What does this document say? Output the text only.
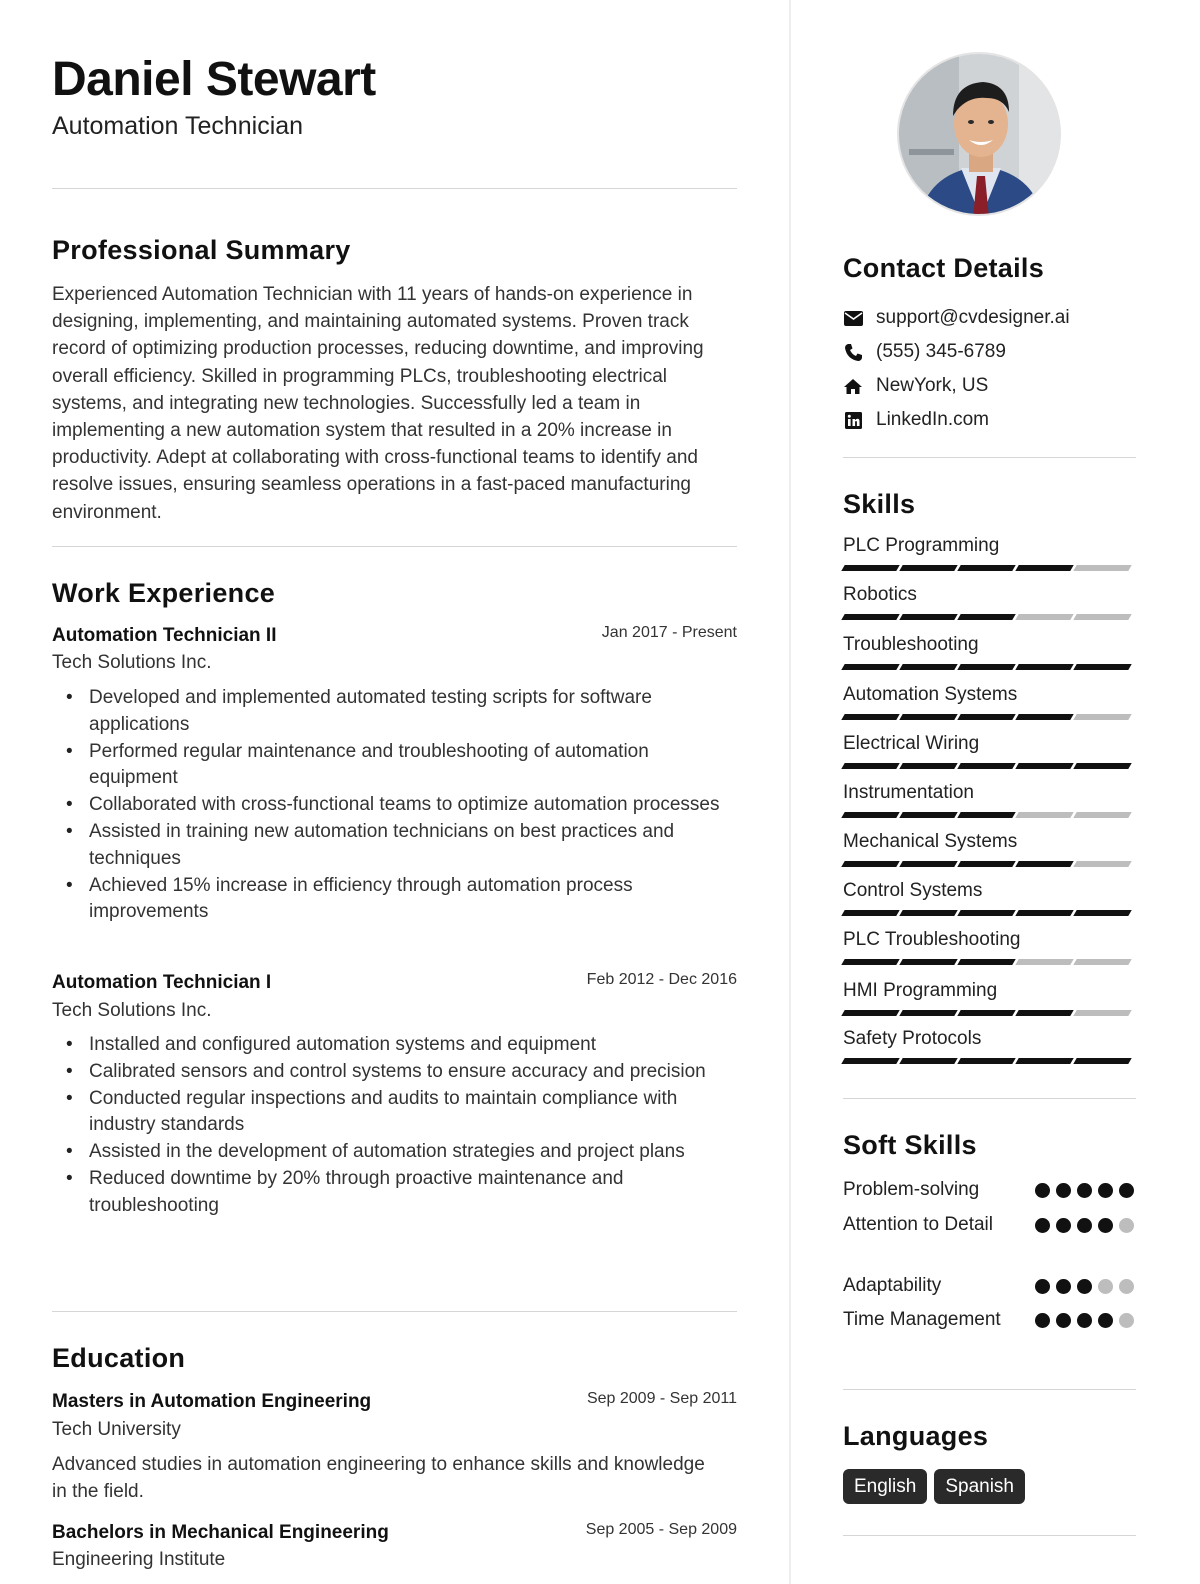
Daniel Stewart
Automation Technician
Professional Summary
Experienced Automation Technician with 11 years of hands-on experience in designing, implementing, and maintaining automated systems. Proven track record of optimizing production processes, reducing downtime, and improving overall efficiency. Skilled in programming PLCs, troubleshooting electrical systems, and integrating new technologies. Successfully led a team in implementing a new automation system that resulted in a 20% increase in productivity. Adept at collaborating with cross-functional teams to identify and resolve issues, ensuring seamless operations in a fast-paced manufacturing environment.
Work Experience
Automation Technician II	Jan 2017 - Present
Tech Solutions Inc.
• Developed and implemented automated testing scripts for software applications
• Performed regular maintenance and troubleshooting of automation equipment
• Collaborated with cross-functional teams to optimize automation processes
• Assisted in training new automation technicians on best practices and techniques
• Achieved 15% increase in efficiency through automation process improvements
Automation Technician I	Feb 2012 - Dec 2016
Tech Solutions Inc.
• Installed and configured automation systems and equipment
• Calibrated sensors and control systems to ensure accuracy and precision
• Conducted regular inspections and audits to maintain compliance with industry standards
• Assisted in the development of automation strategies and project plans
• Reduced downtime by 20% through proactive maintenance and troubleshooting
Education
Masters in Automation Engineering	Sep 2009 - Sep 2011
Tech University
Advanced studies in automation engineering to enhance skills and knowledge in the field.
Bachelors in Mechanical Engineering	Sep 2005 - Sep 2009
Engineering Institute
Contact Details
support@cvdesigner.ai
(555) 345-6789
NewYork, US
LinkedIn.com
Skills
PLC Programming
Robotics
Troubleshooting
Automation Systems
Electrical Wiring
Instrumentation
Mechanical Systems
Control Systems
PLC Troubleshooting
HMI Programming
Safety Protocols
Soft Skills
Problem-solving
Attention to Detail
Adaptability
Time Management
Languages
English	Spanish
